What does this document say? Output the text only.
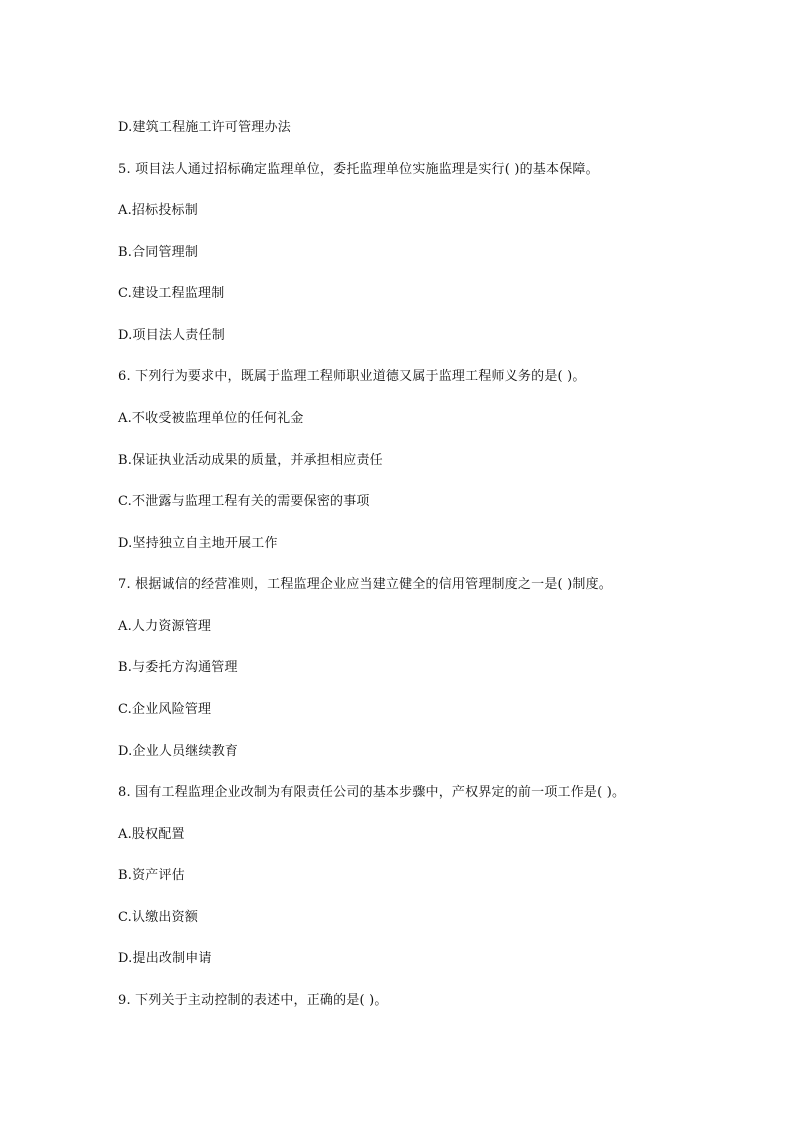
D.建筑工程施工许可管理办法
5. 项目法人通过招标确定监理单位，委托监理单位实施监理是实行( )的基本保障。
A.招标投标制
B.合同管理制
C.建设工程监理制
D.项目法人责任制
6. 下列行为要求中，既属于监理工程师职业道德又属于监理工程师义务的是( )。
A.不收受被监理单位的任何礼金
B.保证执业活动成果的质量，并承担相应责任
C.不泄露与监理工程有关的需要保密的事项
D.坚持独立自主地开展工作
7. 根据诚信的经营准则，工程监理企业应当建立健全的信用管理制度之一是( )制度。
A.人力资源管理
B.与委托方沟通管理
C.企业风险管理
D.企业人员继续教育
8. 国有工程监理企业改制为有限责任公司的基本步骤中，产权界定的前一项工作是( )。
A.股权配置
B.资产评估
C.认缴出资额
D.提出改制申请
9. 下列关于主动控制的表述中，正确的是( )。
